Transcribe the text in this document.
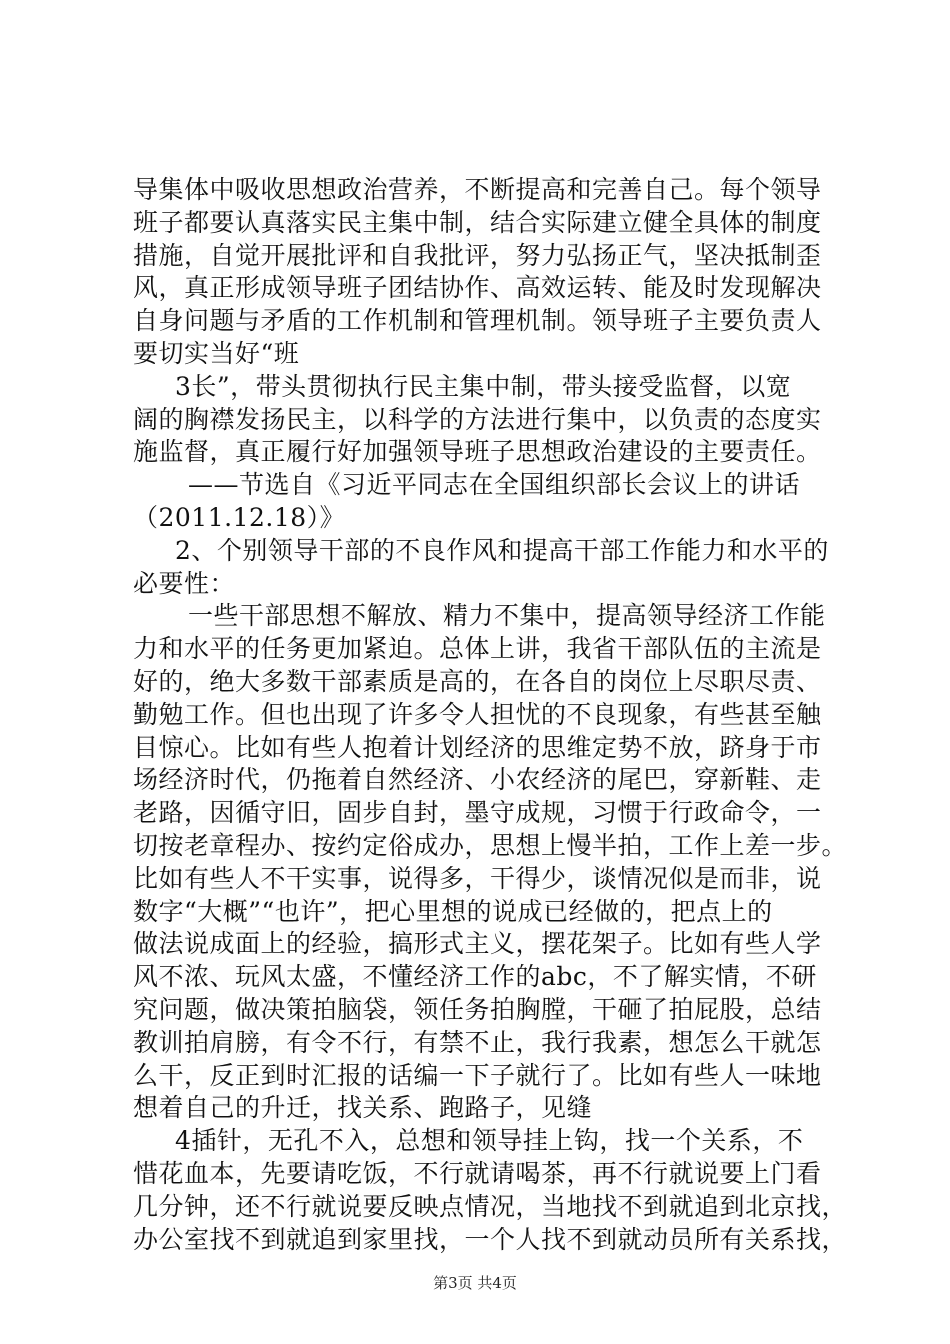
导集体中吸收思想政治营养，不断提高和完善自己。每个领导
班子都要认真落实民主集中制，结合实际建立健全具体的制度
措施，自觉开展批评和自我批评，努力弘扬正气，坚决抵制歪
风，真正形成领导班子团结协作、高效运转、能及时发现解决
自身问题与矛盾的工作机制和管理机制。领导班子主要负责人
要切实当好“班
3长”，带头贯彻执行民主集中制，带头接受监督，以宽
阔的胸襟发扬民主，以科学的方法进行集中，以负责的态度实
施监督，真正履行好加强领导班子思想政治建设的主要责任。
——节选自《习近平同志在全国组织部长会议上的讲话
（2011.12.18）》
2、个别领导干部的不良作风和提高干部工作能力和水平的
必要性：
一些干部思想不解放、精力不集中，提高领导经济工作能
力和水平的任务更加紧迫。总体上讲，我省干部队伍的主流是
好的，绝大多数干部素质是高的，在各自的岗位上尽职尽责、
勤勉工作。但也出现了许多令人担忧的不良现象，有些甚至触
目惊心。比如有些人抱着计划经济的思维定势不放，跻身于市
场经济时代，仍拖着自然经济、小农经济的尾巴，穿新鞋、走
老路，因循守旧，固步自封，墨守成规，习惯于行政命令，一
切按老章程办、按约定俗成办，思想上慢半拍，工作上差一步。
比如有些人不干实事，说得多，干得少，谈情况似是而非，说
数字“大概”“也许”，把心里想的说成已经做的，把点上的
做法说成面上的经验，搞形式主义，摆花架子。比如有些人学
风不浓、玩风太盛，不懂经济工作的abc，不了解实情，不研
究问题，做决策拍脑袋，领任务拍胸膛，干砸了拍屁股，总结
教训拍肩膀，有令不行，有禁不止，我行我素，想怎么干就怎
么干，反正到时汇报的话编一下子就行了。比如有些人一味地
想着自己的升迁，找关系、跑路子，见缝
4插针，无孔不入，总想和领导挂上钩，找一个关系，不
惜花血本，先要请吃饭，不行就请喝茶，再不行就说要上门看
几分钟，还不行就说要反映点情况，当地找不到就追到北京找，
办公室找不到就追到家里找，一个人找不到就动员所有关系找，
第3页 共4页
